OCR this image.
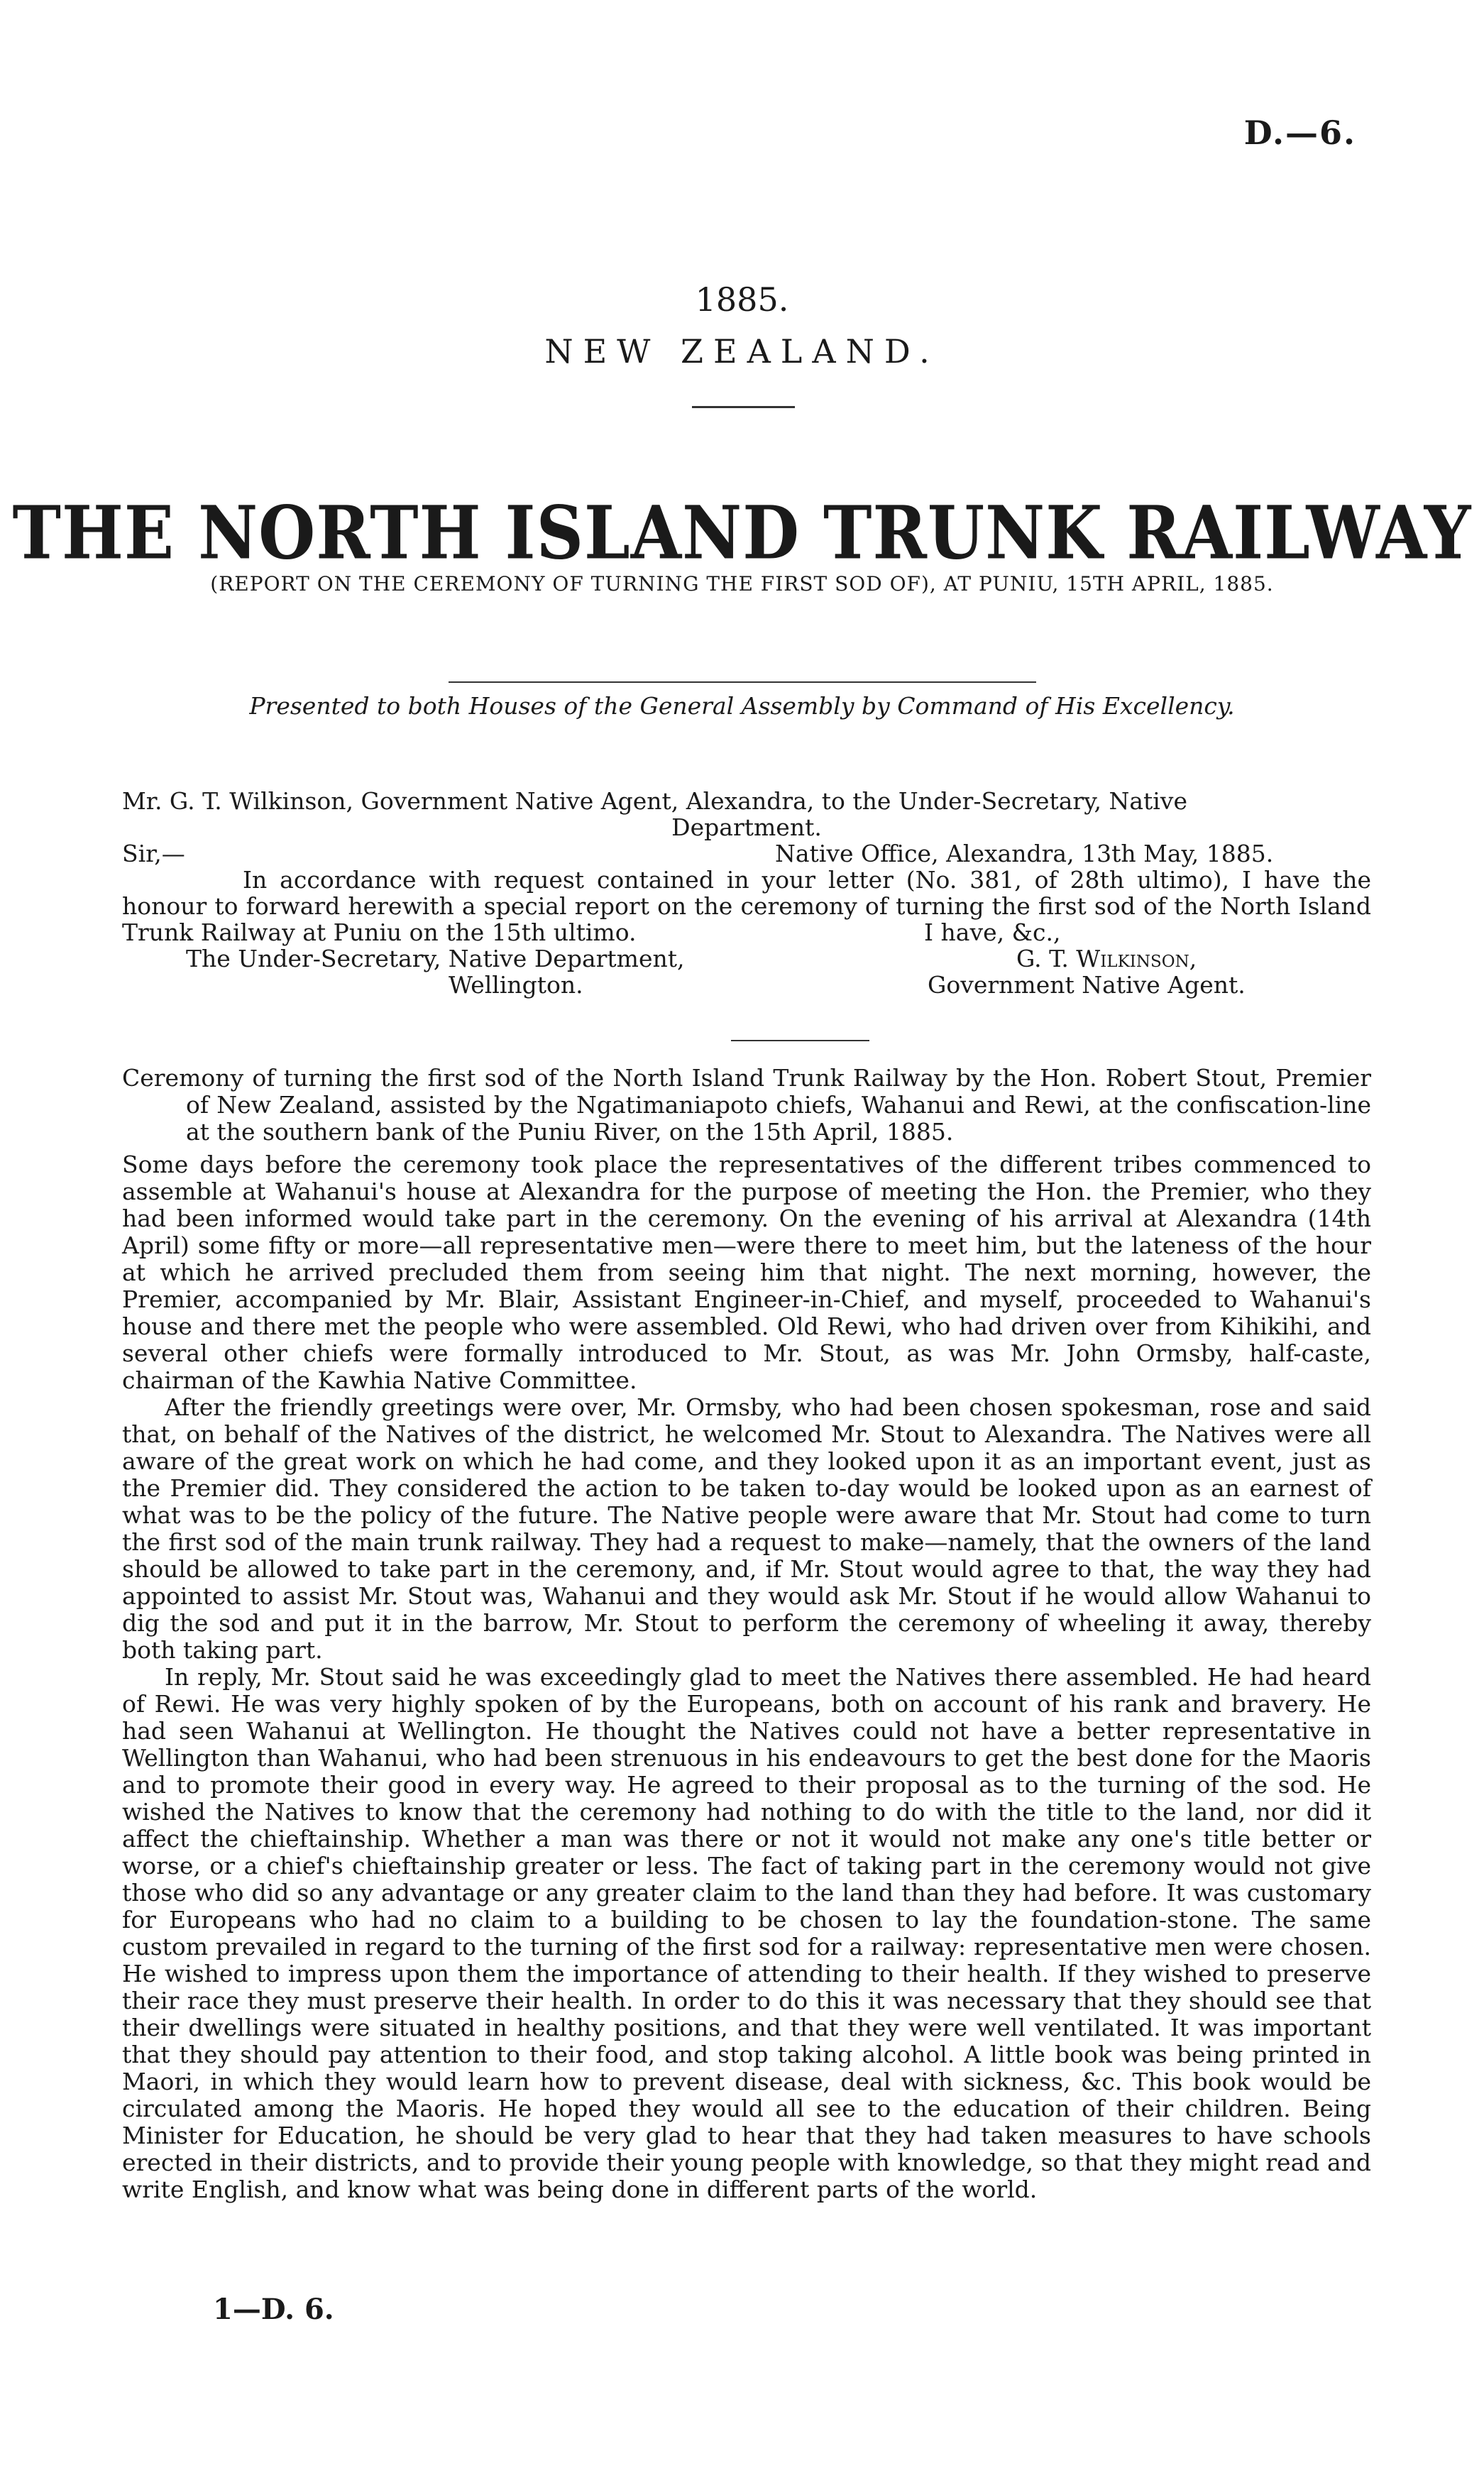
D.—6.
1885.
NEW ZEALAND.
THE NORTH ISLAND TRUNK RAILWAY
(REPORT ON THE CEREMONY OF TURNING THE FIRST SOD OF), AT PUNIU, 15TH APRIL, 1885.
Presented to both Houses of the General Assembly by Command of His Excellency.

Mr. G. T. Wilkinson, Government Native Agent, Alexandra, to the Under-Secretary, Native

Department.

Sir,—	Native Office, Alexandra, 13th May, 1885.

In accordance with request contained in your letter (No. 381, of 28th ultimo), I have the honour to forward herewith a special report on the ceremony of turning the first sod of the North Island Trunk Railway at Puniu on the 15th ultimo.	I have, &c.,
The Under-Secretary, Native Department,	G. T. Wilkinson,
Wellington.	Government Native Agent.

Ceremony of turning the first sod of the North Island Trunk Railway by the Hon. Robert Stout, Premier of New Zealand, assisted by the Ngatimaniapoto chiefs, Wahanui and Rewi, at the confiscation-line at the southern bank of the Puniu River, on the 15th April, 1885.

Some days before the ceremony took place the representatives of the different tribes commenced to assemble at Wahanui's house at Alexandra for the purpose of meeting the Hon. the Premier, who they had been informed would take part in the ceremony. On the evening of his arrival at Alexandra (14th April) some fifty or more—all representative men—were there to meet him, but the lateness of the hour at which he arrived precluded them from seeing him that night. The next morning, however, the Premier, accompanied by Mr. Blair, Assistant Engineer-in-Chief, and myself, proceeded to Wahanui's house and there met the people who were assembled. Old Rewi, who had driven over from Kihikihi, and several other chiefs were formally introduced to Mr. Stout, as was Mr. John Ormsby, half-caste, chairman of the Kawhia Native Committee.

After the friendly greetings were over, Mr. Ormsby, who had been chosen spokesman, rose and said that, on behalf of the Natives of the district, he welcomed Mr. Stout to Alexandra. The Natives were all aware of the great work on which he had come, and they looked upon it as an important event, just as the Premier did. They considered the action to be taken to-day would be looked upon as an earnest of what was to be the policy of the future. The Native people were aware that Mr. Stout had come to turn the first sod of the main trunk railway. They had a request to make—namely, that the owners of the land should be allowed to take part in the ceremony, and, if Mr. Stout would agree to that, the way they had appointed to assist Mr. Stout was, Wahanui and they would ask Mr. Stout if he would allow Wahanui to dig the sod and put it in the barrow, Mr. Stout to perform the ceremony of wheeling it away, thereby both taking part.

In reply, Mr. Stout said he was exceedingly glad to meet the Natives there assembled. He had heard of Rewi. He was very highly spoken of by the Europeans, both on account of his rank and bravery. He had seen Wahanui at Wellington. He thought the Natives could not have a better representative in Wellington than Wahanui, who had been strenuous in his endeavours to get the best done for the Maoris and to promote their good in every way. He agreed to their proposal as to the turning of the sod. He wished the Natives to know that the ceremony had nothing to do with the title to the land, nor did it affect the chieftainship. Whether a man was there or not it would not make any one's title better or worse, or a chief's chieftainship greater or less. The fact of taking part in the ceremony would not give those who did so any advantage or any greater claim to the land than they had before. It was customary for Europeans who had no claim to a building to be chosen to lay the foundation-stone. The same custom prevailed in regard to the turning of the first sod for a railway: representative men were chosen. He wished to impress upon them the importance of attending to their health. If they wished to preserve their race they must preserve their health. In order to do this it was necessary that they should see that their dwellings were situated in healthy positions, and that they were well ventilated. It was important that they should pay attention to their food, and stop taking alcohol. A little book was being printed in Maori, in which they would learn how to prevent disease, deal with sickness, &c. This book would be circulated among the Maoris. He hoped they would all see to the education of their children. Being Minister for Education, he should be very glad to hear that they had taken measures to have schools erected in their districts, and to provide their young people with knowledge, so that they might read and write English, and know what was being done in different parts of the world.

1—D. 6.
